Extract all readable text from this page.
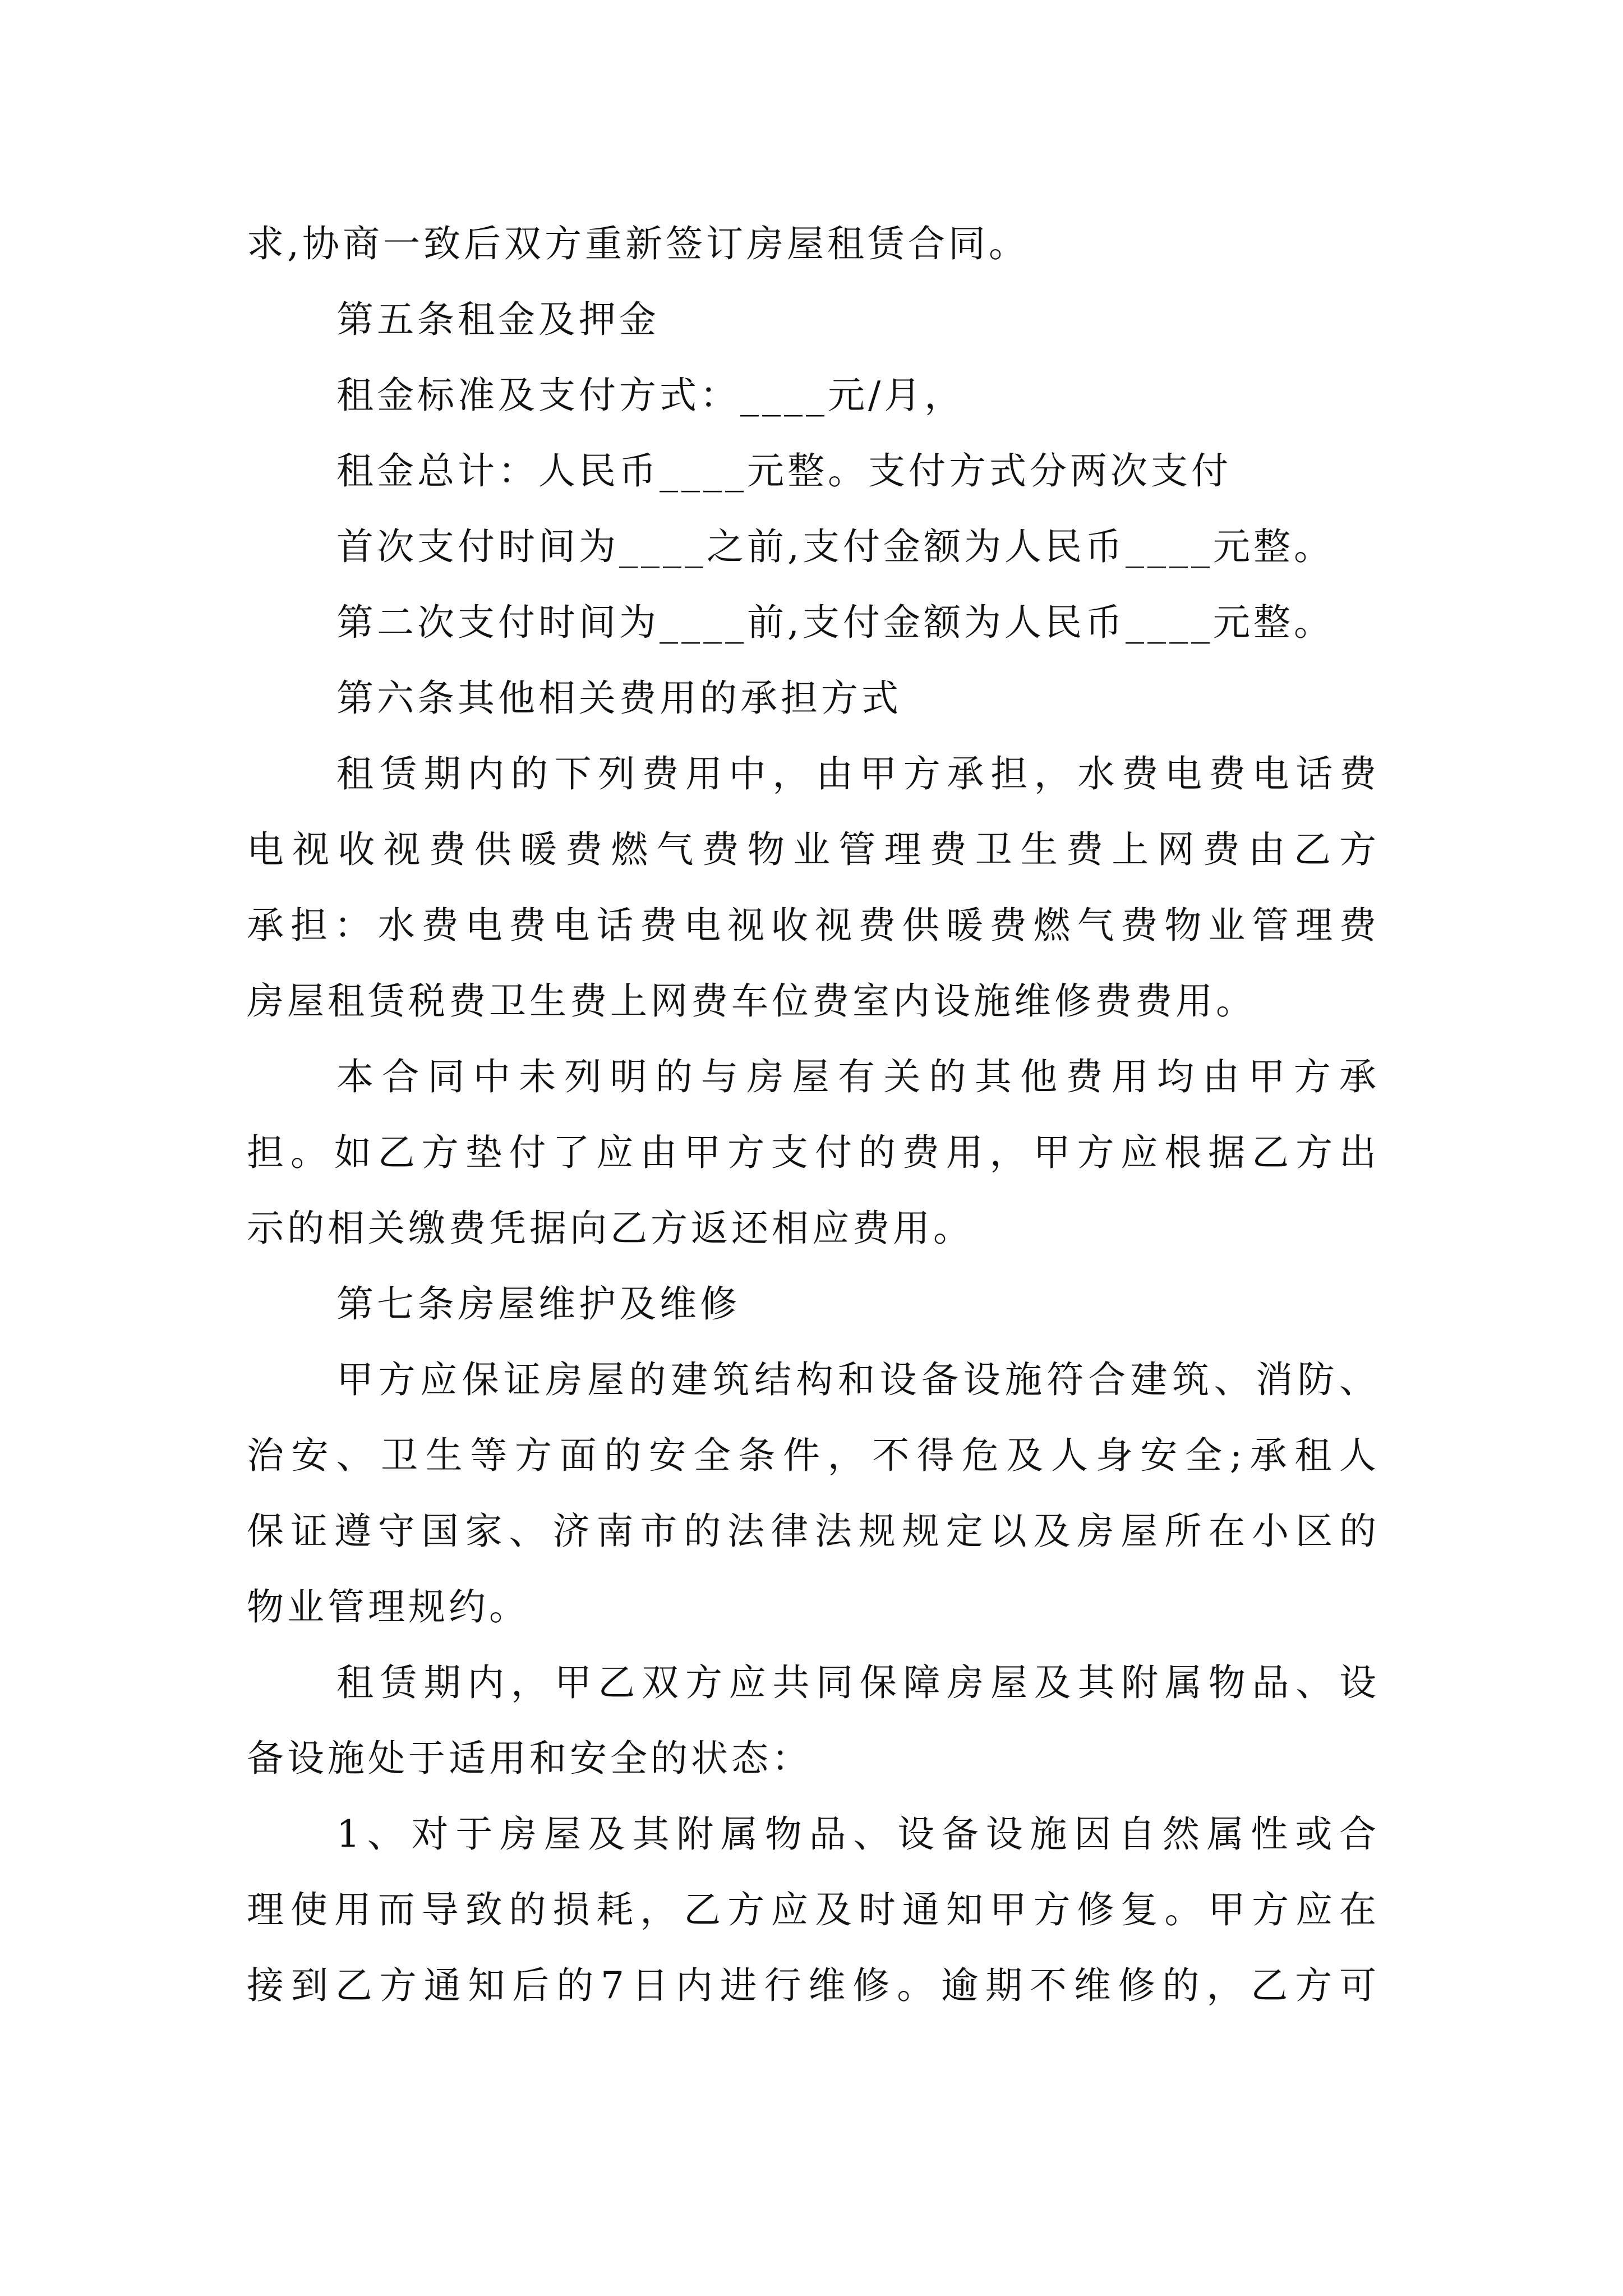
求,协商一致后双方重新签订房屋租赁合同。
第五条租金及押金
租金标准及支付方式：____元/月，
租金总计：人民币____元整。支付方式分两次支付
首次支付时间为____之前,支付金额为人民币____元整。
第二次支付时间为____前,支付金额为人民币____元整。
第六条其他相关费用的承担方式
租赁期内的下列费用中，由甲方承担，水费电费电话费
电视收视费供暖费燃气费物业管理费卫生费上网费由乙方
承担：水费电费电话费电视收视费供暖费燃气费物业管理费
房屋租赁税费卫生费上网费车位费室内设施维修费费用。
本合同中未列明的与房屋有关的其他费用均由甲方承
担。如乙方垫付了应由甲方支付的费用，甲方应根据乙方出
示的相关缴费凭据向乙方返还相应费用。
第七条房屋维护及维修
甲方应保证房屋的建筑结构和设备设施符合建筑、消防、
治安、卫生等方面的安全条件，不得危及人身安全;承租人
保证遵守国家、济南市的法律法规规定以及房屋所在小区的
物业管理规约。
租赁期内，甲乙双方应共同保障房屋及其附属物品、设
备设施处于适用和安全的状态：
1、对于房屋及其附属物品、设备设施因自然属性或合
理使用而导致的损耗，乙方应及时通知甲方修复。甲方应在
接到乙方通知后的7日内进行维修。逾期不维修的，乙方可
